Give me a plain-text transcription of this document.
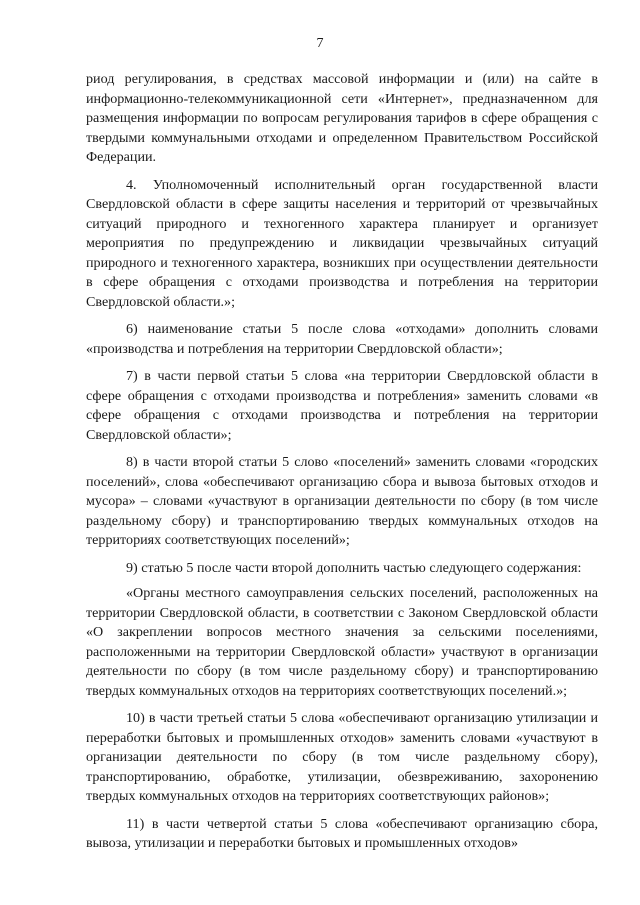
7

риод регулирования, в средствах массовой информации и (или) на сайте в информационно-телекоммуникационной сети «Интернет», предназначенном для размещения информации по вопросам регулирования тарифов в сфере обращения с твердыми коммунальными отходами и определенном Правительством Российской Федерации.

4. Уполномоченный исполнительный орган государственной власти Свердловской области в сфере защиты населения и территорий от чрезвычайных ситуаций природного и техногенного характера планирует и организует мероприятия по предупреждению и ликвидации чрезвычайных ситуаций природного и техногенного характера, возникших при осуществлении деятельности в сфере обращения с отходами производства и потребления на территории Свердловской области.»;

6) наименование статьи 5 после слова «отходами» дополнить словами «производства и потребления на территории Свердловской области»;

7) в части первой статьи 5 слова «на территории Свердловской области в сфере обращения с отходами производства и потребления» заменить словами «в сфере обращения с отходами производства и потребления на территории Свердловской области»;

8) в части второй статьи 5 слово «поселений» заменить словами «городских поселений», слова «обеспечивают организацию сбора и вывоза бытовых отходов и мусора» – словами «участвуют в организации деятельности по сбору (в том числе раздельному сбору) и транспортированию твердых коммунальных отходов на территориях соответствующих поселений»;

9) статью 5 после части второй дополнить частью следующего содержания:

«Органы местного самоуправления сельских поселений, расположенных на территории Свердловской области, в соответствии с Законом Свердловской области «О закреплении вопросов местного значения за сельскими поселениями, расположенными на территории Свердловской области» участвуют в организации деятельности по сбору (в том числе раздельному сбору) и транспортированию твердых коммунальных отходов на территориях соответствующих поселений.»;

10) в части третьей статьи 5 слова «обеспечивают организацию утилизации и переработки бытовых и промышленных отходов» заменить словами «участвуют в организации деятельности по сбору (в том числе раздельному сбору), транспортированию, обработке, утилизации, обезвреживанию, захоронению твердых коммунальных отходов на территориях соответствующих районов»;

11) в части четвертой статьи 5 слова «обеспечивают организацию сбора, вывоза, утилизации и переработки бытовых и промышленных отходов»
